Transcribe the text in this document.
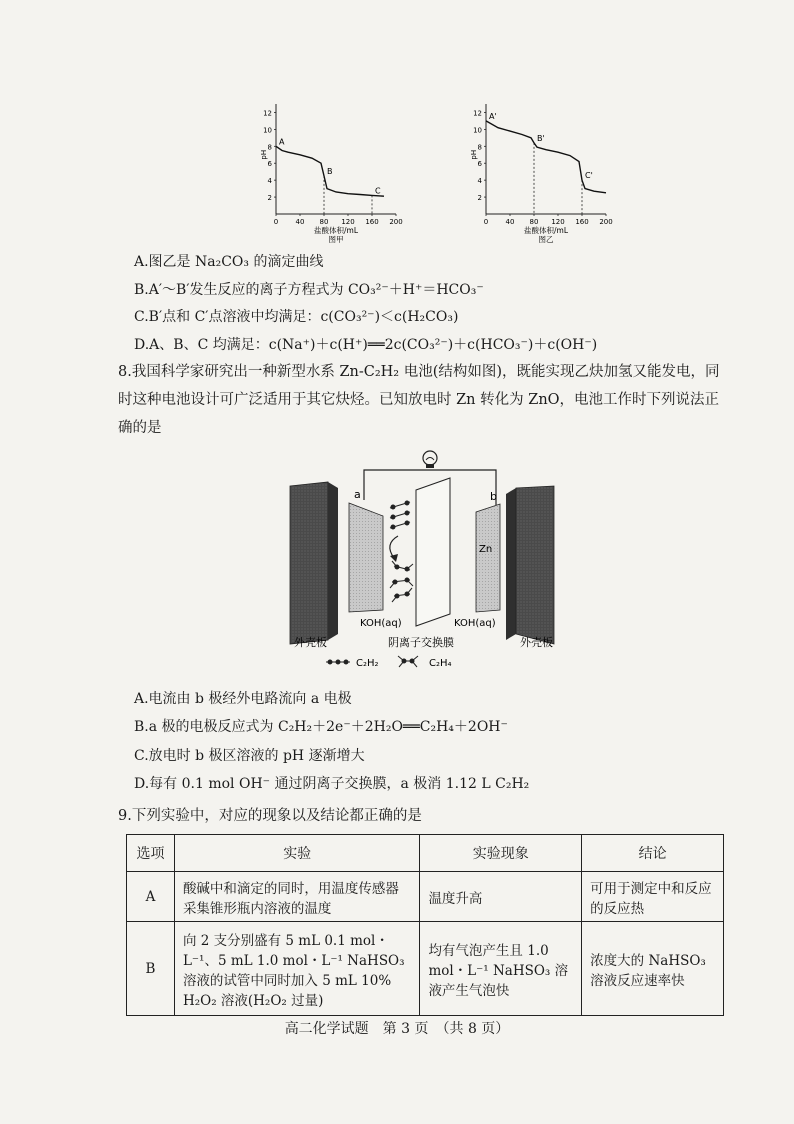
2
4
6
8
10
12
0 40 80 120 160 200
pH
盐酸体积/mL
图甲
A
B
C
2
4
6
8
10
12
0 40 80 120 160 200
pH
盐酸体积/mL
图乙
A'
B'
C'
A.图乙是 Na₂CO₃ 的滴定曲线
B.A′～B′发生反应的离子方程式为 CO₃²⁻＋H⁺＝HCO₃⁻
C.B′点和 C′点溶液中均满足：c(CO₃²⁻)＜c(H₂CO₃)
D.A、B、C 均满足：c(Na⁺)＋c(H⁺)══2c(CO₃²⁻)＋c(HCO₃⁻)＋c(OH⁻)
8.我国科学家研究出一种新型水系 Zn-C₂H₂ 电池(结构如图)，既能实现乙炔加氢又能发电，同时这种电池设计可广泛适用于其它炔烃。已知放电时 Zn 转化为 ZnO，电池工作时下列说法正确的是
a	b
Zn
KOH(aq)	KOH(aq)
阴离子交换膜
外壳板	外壳板
C₂H₂	C₂H₄
A.电流由 b 极经外电路流向 a 电极
B.a 极的电极反应式为 C₂H₂＋2e⁻＋2H₂O══C₂H₄＋2OH⁻
C.放电时 b 极区溶液的 pH 逐渐增大
D.每有 0.1 mol OH⁻ 通过阴离子交换膜，a 极消 1.12 L C₂H₂
9.下列实验中，对应的现象以及结论都正确的是
选项	实验	实验现象	结论
A	酸碱中和滴定的同时，用温度传感器采集锥形瓶内溶液的温度	温度升高	可用于测定中和反应的反应热
B	向 2 支分别盛有 5 mL 0.1 mol・L⁻¹、5 mL 1.0 mol・L⁻¹ NaHSO₃ 溶液的试管中同时加入 5 mL 10% H₂O₂ 溶液(H₂O₂ 过量)	均有气泡产生且 1.0 mol・L⁻¹ NaHSO₃ 溶液产生气泡快	浓度大的 NaHSO₃ 溶液反应速率快
高二化学试题　第 3 页　（共 8 页）
